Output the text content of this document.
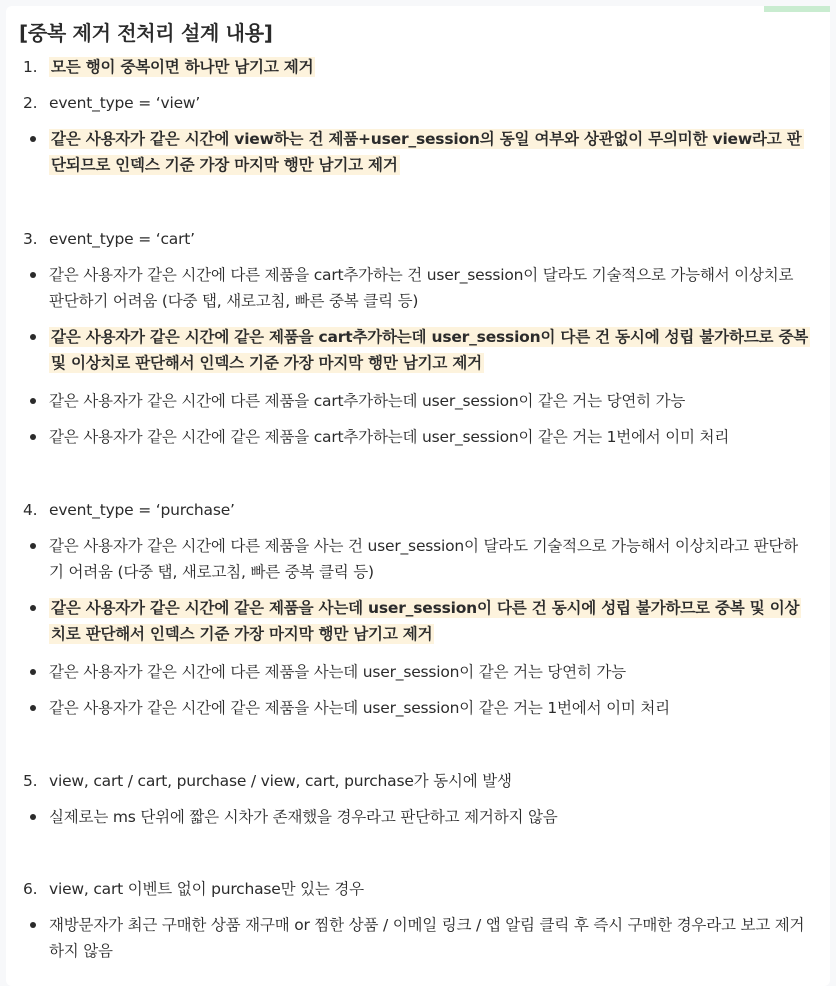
[중복 제거 전처리 설계 내용]
1. 모든 행이 중복이면 하나만 남기고 제거
2. event_type = ‘view’
같은 사용자가 같은 시간에 view하는 건 제품+user_session의 동일 여부와 상관없이 무의미한 view라고 판단되므로 인덱스 기준 가장 마지막 행만 남기고 제거
3. event_type = ‘cart’
같은 사용자가 같은 시간에 다른 제품을 cart추가하는 건 user_session이 달라도 기술적으로 가능해서 이상치로 판단하기 어려움 (다중 탭, 새로고침, 빠른 중복 클릭 등)
같은 사용자가 같은 시간에 같은 제품을 cart추가하는데 user_session이 다른 건 동시에 성립 불가하므로 중복 및 이상치로 판단해서 인덱스 기준 가장 마지막 행만 남기고 제거
같은 사용자가 같은 시간에 다른 제품을 cart추가하는데 user_session이 같은 거는 당연히 가능
같은 사용자가 같은 시간에 같은 제품을 cart추가하는데 user_session이 같은 거는 1번에서 이미 처리
4. event_type = ‘purchase’
같은 사용자가 같은 시간에 다른 제품을 사는 건 user_session이 달라도 기술적으로 가능해서 이상치라고 판단하기 어려움 (다중 탭, 새로고침, 빠른 중복 클릭 등)
같은 사용자가 같은 시간에 같은 제품을 사는데 user_session이 다른 건 동시에 성립 불가하므로 중복 및 이상치로 판단해서 인덱스 기준 가장 마지막 행만 남기고 제거
같은 사용자가 같은 시간에 다른 제품을 사는데 user_session이 같은 거는 당연히 가능
같은 사용자가 같은 시간에 같은 제품을 사는데 user_session이 같은 거는 1번에서 이미 처리
5. view, cart / cart, purchase / view, cart, purchase가 동시에 발생
실제로는 ms 단위에 짧은 시차가 존재했을 경우라고 판단하고 제거하지 않음
6. view, cart 이벤트 없이 purchase만 있는 경우
재방문자가 최근 구매한 상품 재구매 or 찜한 상품 / 이메일 링크 / 앱 알림 클릭 후 즉시 구매한 경우라고 보고 제거하지 않음
